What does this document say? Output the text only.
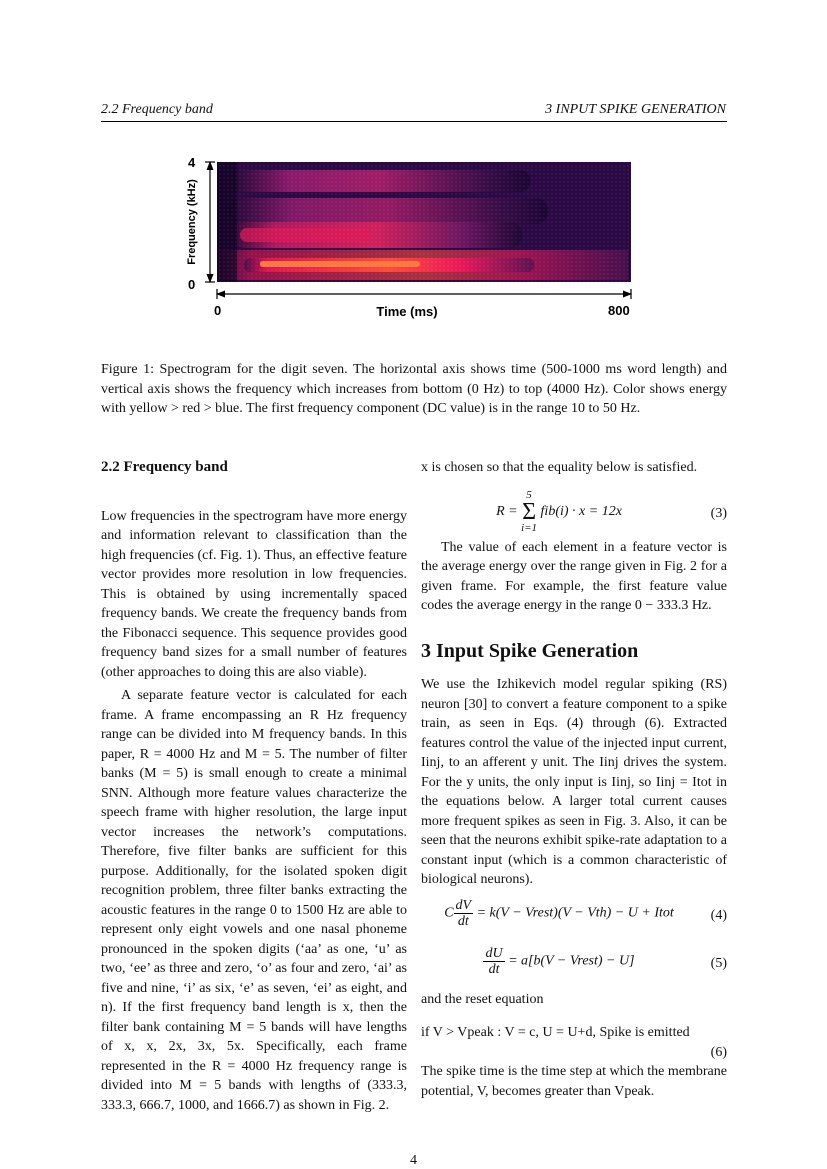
2.2 Frequency band	3 INPUT SPIKE GENERATION
4
0
Frequency (kHz)
0	Time (ms)	800
Figure 1: Spectrogram for the digit seven. The horizontal axis shows time (500-1000 ms word length) and vertical axis shows the frequency which increases from bottom (0 Hz) to top (4000 Hz). Color shows energy with yellow > red > blue. The first frequency component (DC value) is in the range 10 to 50 Hz.
2.2 Frequency band

Low frequencies in the spectrogram have more energy and information relevant to classification than the high frequencies (cf. Fig. 1). Thus, an effective feature vector provides more resolution in low frequencies. This is obtained by using incrementally spaced frequency bands. We create the frequency bands from the Fibonacci sequence. This sequence provides good frequency band sizes for a small number of features (other approaches to doing this are also viable).

A separate feature vector is calculated for each frame. A frame encompassing an R Hz frequency range can be divided into M frequency bands. In this paper, R = 4000 Hz and M = 5. The number of filter banks (M = 5) is small enough to create a minimal SNN. Although more feature values characterize the speech frame with higher resolution, the large input vector increases the network’s computations. Therefore, five filter banks are sufficient for this purpose. Additionally, for the isolated spoken digit recognition problem, three filter banks extracting the acoustic features in the range 0 to 1500 Hz are able to represent only eight vowels and one nasal phoneme pronounced in the spoken digits (‘aa’ as one, ‘u’ as two, ‘ee’ as three and zero, ‘o’ as four and zero, ‘ai’ as five and nine, ‘i’ as six, ‘e’ as seven, ‘ei’ as eight, and n). If the first frequency band length is x, then the filter bank containing M = 5 bands will have lengths of x, x, 2x, 3x, 5x. Specifically, each frame represented in the R = 4000 Hz frequency range is divided into M = 5 bands with lengths of (333.3, 333.3, 666.7, 1000, and 1666.7) as shown in Fig. 2.

x is chosen so that the equality below is satisfied.

R = 5
Σ
i=1 fib(i) · x = 12x	(3)

The value of each element in a feature vector is the average energy over the range given in Fig. 2 for a given frame. For example, the first feature value codes the average energy in the range 0 − 333.3 Hz.

3 Input Spike Generation

We use the Izhikevich model regular spiking (RS) neuron [30] to convert a feature component to a spike train, as seen in Eqs. (4) through (6). Extracted features control the value of the injected input current, Iinj, to an afferent y unit. The Iinj drives the system. For the y units, the only input is Iinj, so Iinj = Itot in the equations below. A larger total current causes more frequent spikes as seen in Fig. 3. Also, it can be seen that the neurons exhibit spike-rate adaptation to a constant input (which is a common characteristic of biological neurons).

C $\frac{dV}{dt} = k(V$ − Vrest)(V − Vth) − U + Itot	(4)
$\frac{dU}{dt} = a[b(V$ − Vrest) − U]	(5)

and the reset equation

if V > Vpeak : V = c, U = U+d, Spike is emitted

(6)

The spike time is the time step at which the membrane potential, V, becomes greater than Vpeak.

4
